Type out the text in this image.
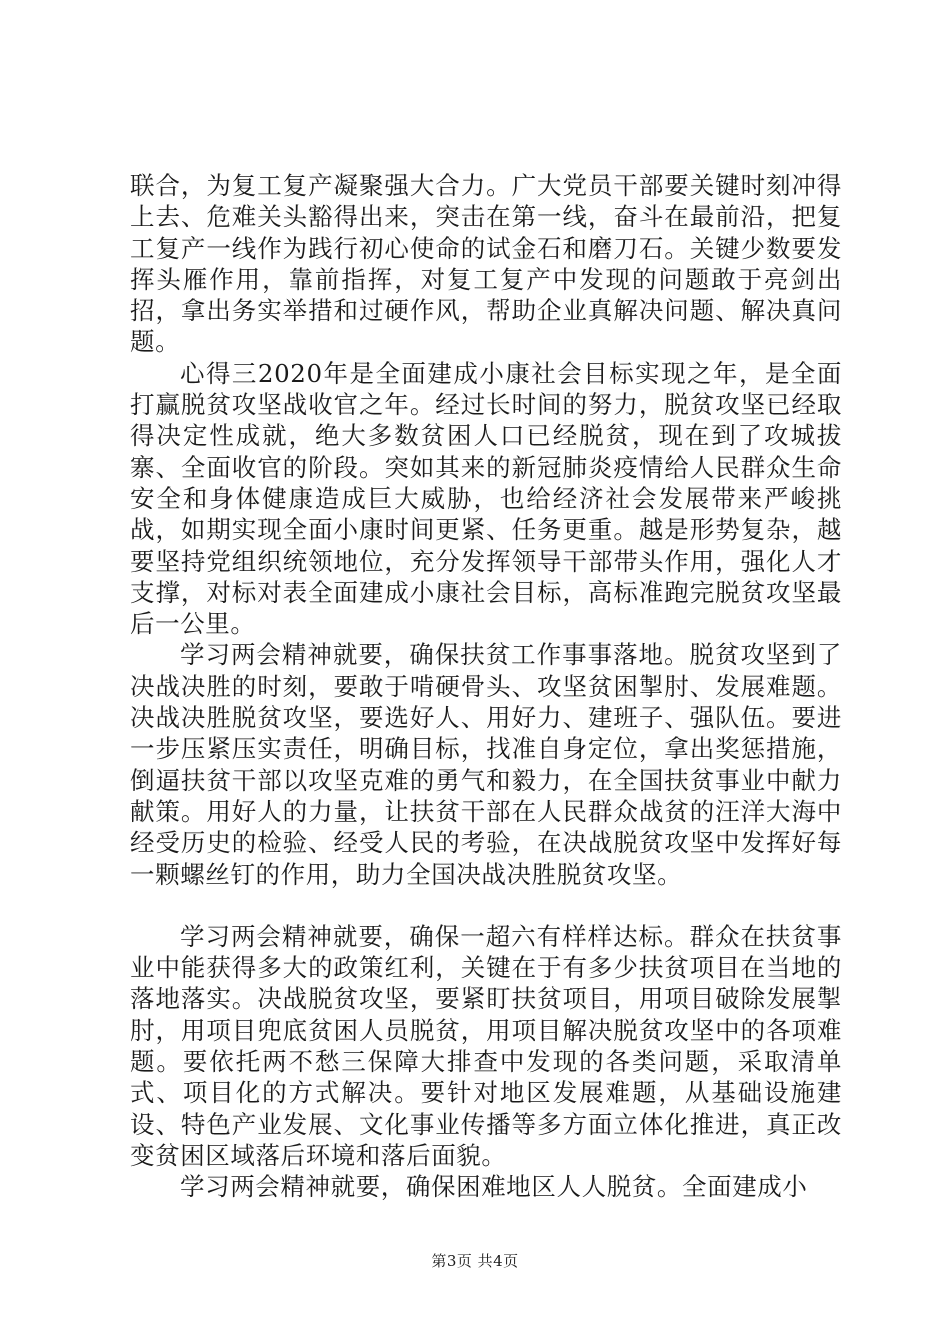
联合，为复工复产凝聚强大合力。广大党员干部要关键时刻冲得上去、危难关头豁得出来，突击在第一线，奋斗在最前沿，把复工复产一线作为践行初心使命的试金石和磨刀石。关键少数要发挥头雁作用，靠前指挥，对复工复产中发现的问题敢于亮剑出招，拿出务实举措和过硬作风，帮助企业真解决问题、解决真问题。

心得三2020年是全面建成小康社会目标实现之年，是全面打赢脱贫攻坚战收官之年。经过长时间的努力，脱贫攻坚已经取得决定性成就，绝大多数贫困人口已经脱贫，现在到了攻城拔寨、全面收官的阶段。突如其来的新冠肺炎疫情给人民群众生命安全和身体健康造成巨大威胁，也给经济社会发展带来严峻挑战，如期实现全面小康时间更紧、任务更重。越是形势复杂，越要坚持党组织统领地位，充分发挥领导干部带头作用，强化人才支撑，对标对表全面建成小康社会目标，高标准跑完脱贫攻坚最后一公里。

学习两会精神就要，确保扶贫工作事事落地。脱贫攻坚到了决战决胜的时刻，要敢于啃硬骨头、攻坚贫困掣肘、发展难题。决战决胜脱贫攻坚，要选好人、用好力、建班子、强队伍。要进一步压紧压实责任，明确目标，找准自身定位，拿出奖惩措施，倒逼扶贫干部以攻坚克难的勇气和毅力，在全国扶贫事业中献力献策。用好人的力量，让扶贫干部在人民群众战贫的汪洋大海中经受历史的检验、经受人民的考验，在决战脱贫攻坚中发挥好每一颗螺丝钉的作用，助力全国决战决胜脱贫攻坚。

学习两会精神就要，确保一超六有样样达标。群众在扶贫事业中能获得多大的政策红利，关键在于有多少扶贫项目在当地的落地落实。决战脱贫攻坚，要紧盯扶贫项目，用项目破除发展掣肘，用项目兜底贫困人员脱贫，用项目解决脱贫攻坚中的各项难题。要依托两不愁三保障大排查中发现的各类问题，采取清单式、项目化的方式解决。要针对地区发展难题，从基础设施建设、特色产业发展、文化事业传播等多方面立体化推进，真正改变贫困区域落后环境和落后面貌。

学习两会精神就要，确保困难地区人人脱贫。全面建成小

第3页 共4页
